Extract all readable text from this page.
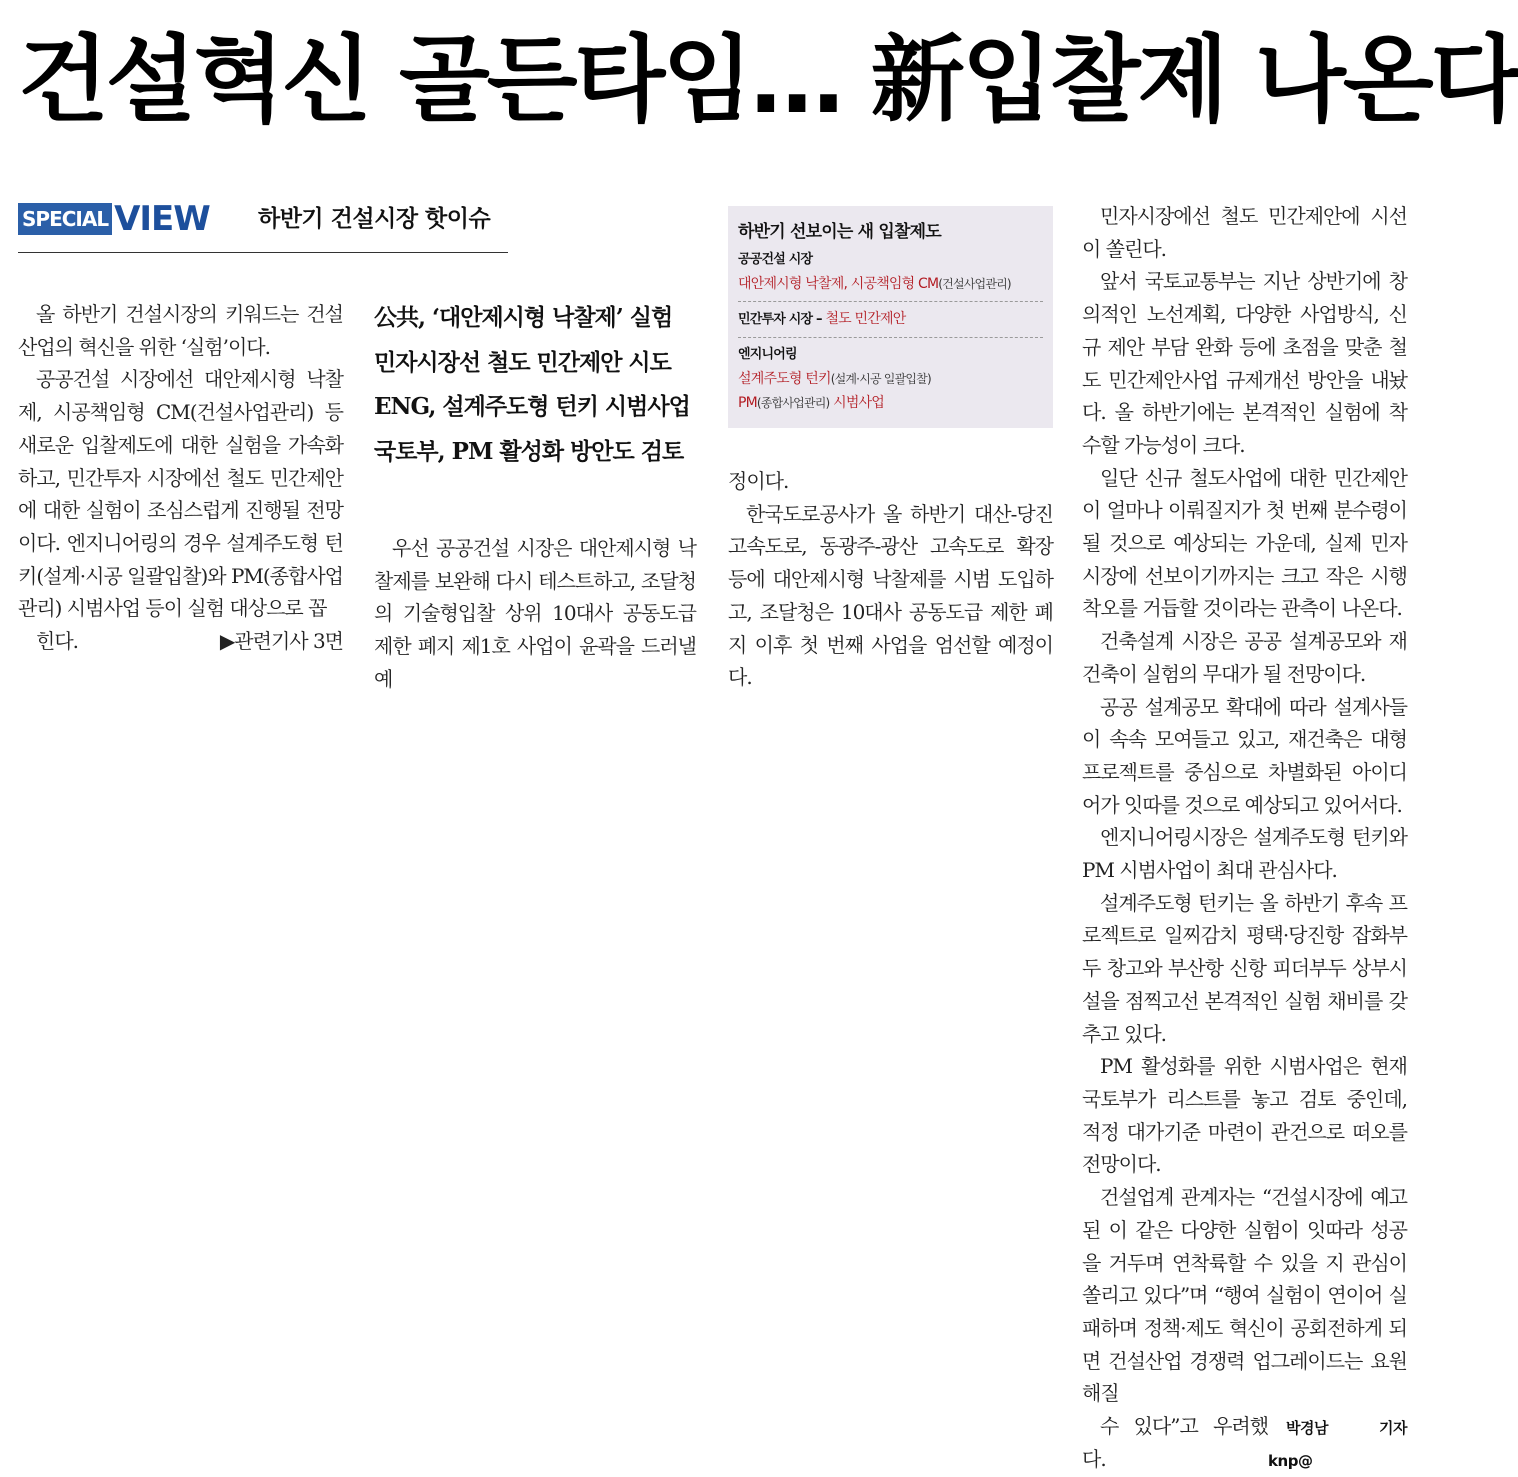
건설혁신 골든타임… 新입찰제 나온다
SPECIAL VIEW 하반기 건설시장 핫이슈

올 하반기 건설시장의 키워드는 건설산업의 혁신을 위한 ‘실험’이다.

공공건설 시장에선 대안제시형 낙찰제, 시공책임형 CM(건설사업관리) 등 새로운 입찰제도에 대한 실험을 가속화하고, 민간투자 시장에선 철도 민간제안에 대한 실험이 조심스럽게 진행될 전망이다. 엔지니어링의 경우 설계주도형 턴키(설계·시공 일괄입찰)와 PM(종합사업관리) 시범사업 등이 실험 대상으로 꼽

힌다.	▶관련기사 3면

公共, ‘대안제시형 낙찰제’ 실험
민자시장선 철도 민간제안 시도
ENG, 설계주도형 턴키 시범사업
국토부, PM 활성화 방안도 검토

우선 공공건설 시장은 대안제시형 낙찰제를 보완해 다시 테스트하고, 조달청의 기술형입찰 상위 10대사 공동도급 제한 폐지 제1호 사업이 윤곽을 드러낼 예

하반기 선보이는 새 입찰제도
공공건설 시장
대안제시형 낙찰제, 시공책임형 CM(건설사업관리)
민간투자 시장 – 철도 민간제안
엔지니어링
설계주도형 턴키(설계·시공 일괄입찰)
PM(종합사업관리) 시범사업

정이다.

한국도로공사가 올 하반기 대산-당진 고속도로, 동광주-광산 고속도로 확장 등에 대안제시형 낙찰제를 시범 도입하고, 조달청은 10대사 공동도급 제한 폐지 이후 첫 번째 사업을 엄선할 예정이다.

민자시장에선 철도 민간제안에 시선이 쏠린다.

앞서 국토교통부는 지난 상반기에 창의적인 노선계획, 다양한 사업방식, 신규 제안 부담 완화 등에 초점을 맞춘 철도 민간제안사업 규제개선 방안을 내놨다. 올 하반기에는 본격적인 실험에 착수할 가능성이 크다.

일단 신규 철도사업에 대한 민간제안이 얼마나 이뤄질지가 첫 번째 분수령이 될 것으로 예상되는 가운데, 실제 민자 시장에 선보이기까지는 크고 작은 시행착오를 거듭할 것이라는 관측이 나온다.

건축설계 시장은 공공 설계공모와 재건축이 실험의 무대가 될 전망이다.

공공 설계공모 확대에 따라 설계사들이 속속 모여들고 있고, 재건축은 대형 프로젝트를 중심으로 차별화된 아이디어가 잇따를 것으로 예상되고 있어서다.

엔지니어링시장은 설계주도형 턴키와 PM 시범사업이 최대 관심사다.

설계주도형 턴키는 올 하반기 후속 프로젝트로 일찌감치 평택·당진항 잡화부두 창고와 부산항 신항 피더부두 상부시설을 점찍고선 본격적인 실험 채비를 갖추고 있다.

PM 활성화를 위한 시범사업은 현재 국토부가 리스트를 놓고 검토 중인데, 적정 대가기준 마련이 관건으로 떠오를 전망이다.

건설업계 관계자는 “건설시장에 예고된 이 같은 다양한 실험이 잇따라 성공을 거두며 연착륙할 수 있을 지 관심이 쏠리고 있다”며 “행여 실험이 연이어 실패하며 정책·제도 혁신이 공회전하게 되면 건설산업 경쟁력 업그레이드는 요원해질

수 있다”고 우려했다.
박경남 기자 knp@
